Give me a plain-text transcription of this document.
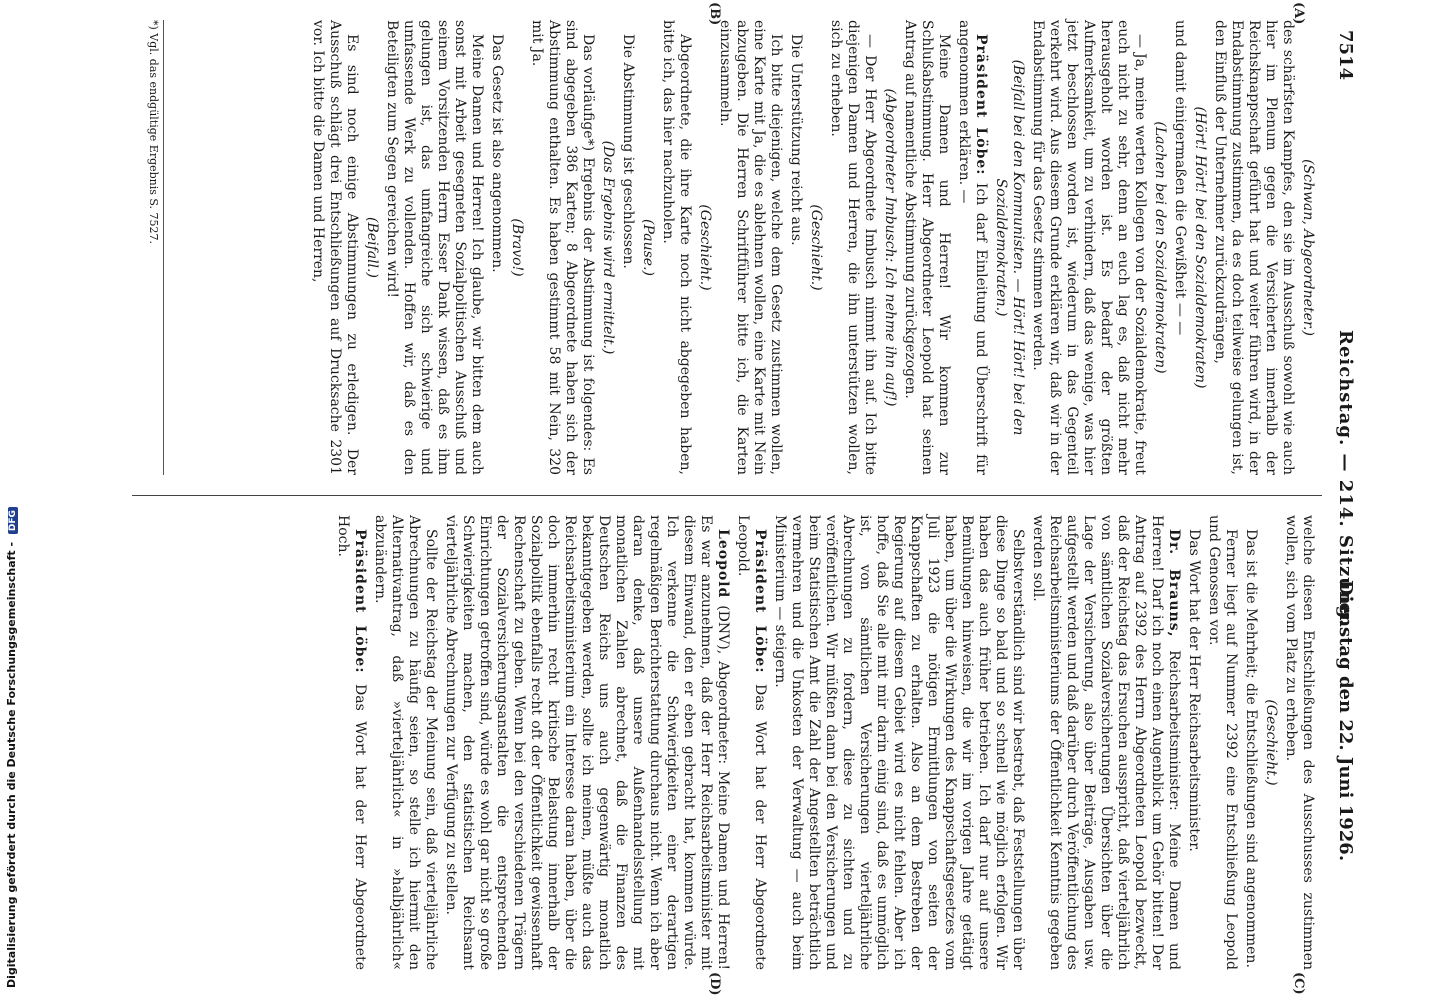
Digitalisierung gefördert durch die Deutsche Forschungsgemeinschaft - DFG
7514
Reichstag. — 214. Sitzung.
Dienstag den 22. Juni 1926.
(A)
(B)
(C)
(D)

(Schwan, Abgeordneter.)

des schärfsten Kampfes, den sie im Ausschuß sowohl wie auch hier im Plenum gegen die Versicherten innerhalb der Reichsknappschaft geführt hat und weiter führen wird, in der Endabstimmung zustimmen, da es doch teilweise gelungen ist, den Einfluß der Unternehmer zurückzudrängen,

(Hört! Hört! bei den Sozialdemokraten)

und damit einigermaßen die Gewißheit — —

(Lachen bei den Sozialdemokraten)

— Ja, meine werten Kollegen von der Sozialdemokratie, freut euch nicht zu sehr, denn an euch lag es, daß nicht mehr herausgeholt worden ist. Es bedarf der größten Aufmerksamkeit, um zu verhindern, daß das wenige, was hier jetzt beschlossen worden ist, wiederum in das Gegenteil verkehrt wird. Aus diesem Grunde erklären wir, daß wir in der Endabstimmung für das Gesetz stimmen werden.

(Beifall bei den Kommunisten. — Hört! Hört! bei den Sozialdemokraten.)

Präsident Löbe: Ich darf Einleitung und Überschrift für angenommen erklären. —

Meine Damen und Herren! Wir kommen zur Schlußabstimmung. Herr Abgeordneter Leopold hat seinen Antrag auf namentliche Abstimmung zurückgezogen.

(Abgeordneter Imbusch: Ich nehme ihn auf!)

— Der Herr Abgeordnete Imbusch nimmt ihn auf. Ich bitte diejenigen Damen und Herren, die ihn unterstützen wollen, sich zu erheben.

(Geschieht.)

Die Unterstützung reicht aus.

Ich bitte diejenigen, welche dem Gesetz zustimmen wollen, eine Karte mit Ja, die es ablehnen wollen, eine Karte mit Nein abzugeben. Die Herren Schriftführer bitte ich, die Karten einzusammeln.

(Geschieht.)

Abgeordnete, die ihre Karte noch nicht abgegeben haben, bitte ich, das hier nachzuholen.

(Pause.)

Die Abstimmung ist geschlossen.

(Das Ergebnis wird ermittelt.)

Das vorläufige*) Ergebnis der Abstimmung ist folgendes: Es sind abgegeben 386 Karten; 8 Abgeordnete haben sich der Abstimmung enthalten. Es haben gestimmt 58 mit Nein, 320 mit Ja.

(Bravo!)

Das Gesetz ist also angenommen.

Meine Damen und Herren! Ich glaube, wir bitten dem auch sonst mit Arbeit gesegneten Sozialpolitischen Ausschuß und seinem Vorsitzenden Herrn Esser Dank wissen, daß es ihm gelungen ist, das umfangreiche sich schwierige und umfassende Werk zu vollenden. Hoffen wir, daß es den Beteiligten zum Segen gereichen wird!

(Beifall.)

Es sind noch einige Abstimmungen zu erledigen. Der Ausschuß schlägt drei Entschließungen auf Drucksache 2301 vor. Ich bitte die Damen und Herren,

*) Vgl. das endgültige Ergebnis S. 7527.

welche diesen Entschließungen des Ausschusses zustimmen wollen, sich vom Platz zu erheben.

(Geschieht.)

Das ist die Mehrheit; die Entschließungen sind angenommen.

Ferner liegt auf Nummer 2392 eine Entschließung Leopold und Genossen vor.

Das Wort hat der Herr Reichsarbeitsminister.

Dr. Brauns, Reichsarbeitsminister: Meine Damen und Herren! Darf ich noch einen Augenblick um Gehör bitten! Der Antrag auf 2392 des Herrn Abgeordneten Leopold bezweckt, daß der Reichstag das Ersuchen ausspricht, daß vierteljährlich von sämtlichen Sozialversicherungen Übersichten über die Lage der Versicherung, also über Beiträge, Ausgaben usw. aufgestellt werden und daß darüber durch Veröffentlichung des Reichsarbeitsministeriums der Öffentlichkeit Kenntnis gegeben werden soll.

Selbstverständlich sind wir bestrebt, daß Feststellungen über diese Dinge so bald und so schnell wie möglich erfolgen. Wir haben das auch früher betrieben. Ich darf nur auf unsere Bemühungen hinweisen, die wir im vorigen Jahre getätigt haben, um über die Wirkungen des Knappschaftsgesetzes vom Juli 1923 die nötigen Ermittlungen von seiten der Knappschaften zu erhalten. Also an dem Bestreben der Regierung auf diesem Gebiet wird es nicht fehlen. Aber ich hoffe, daß Sie alle mit mir darin einig sind, daß es unmöglich ist, von sämtlichen Versicherungen vierteljährliche Abrechnungen zu fordern, diese zu sichten und zu veröffentlichen. Wir müßten dann bei den Versicherungen und beim Statistischen Amt die Zahl der Angestellten beträchtlich vermehren und die Unkosten der Verwaltung — auch beim Ministerium — steigern.

Präsident Löbe: Das Wort hat der Herr Abgeordnete Leopold.

Leopold (DNV), Abgeordneter: Meine Damen und Herren! Es war anzunehmen, daß der Herr Reichsarbeitsminister mit diesem Einwand, den er eben gebracht hat, kommen würde. Ich verkenne die Schwierigkeiten einer derartigen regelmäßigen Berichterstattung durchaus nicht. Wenn ich aber daran denke, daß unsere Außenhandelsstellung mit monatlichen Zahlen abrechnet, daß die Finanzen des Deutschen Reichs uns auch gegenwärtig monatlich bekanntgegeben werden, sollte ich meinen, müßte auch das Reichsarbeitsministerium ein Interesse daran haben, über die doch immerhin recht kritische Belastung innerhalb der Sozialpolitik ebenfalls recht oft der Öffentlichkeit gewissenhaft Rechenschaft zu geben. Wenn bei den verschiedenen Trägern der Sozialversicherungsanstalten die entsprechenden Einrichtungen getroffen sind, würde es wohl gar nicht so große Schwierigkeiten machen, den statistischen Reichsamt vierteljährliche Abrechnungen zur Verfügung zu stellen.

Sollte der Reichstag der Meinung sein, daß vierteljährliche Abrechnungen zu häufig seien, so stelle ich hiermit den Alternativantrag, daß »vierteljährlich« in »halbjährlich« abzuändern.

Präsident Löbe: Das Wort hat der Herr Abgeordnete Hoch.
